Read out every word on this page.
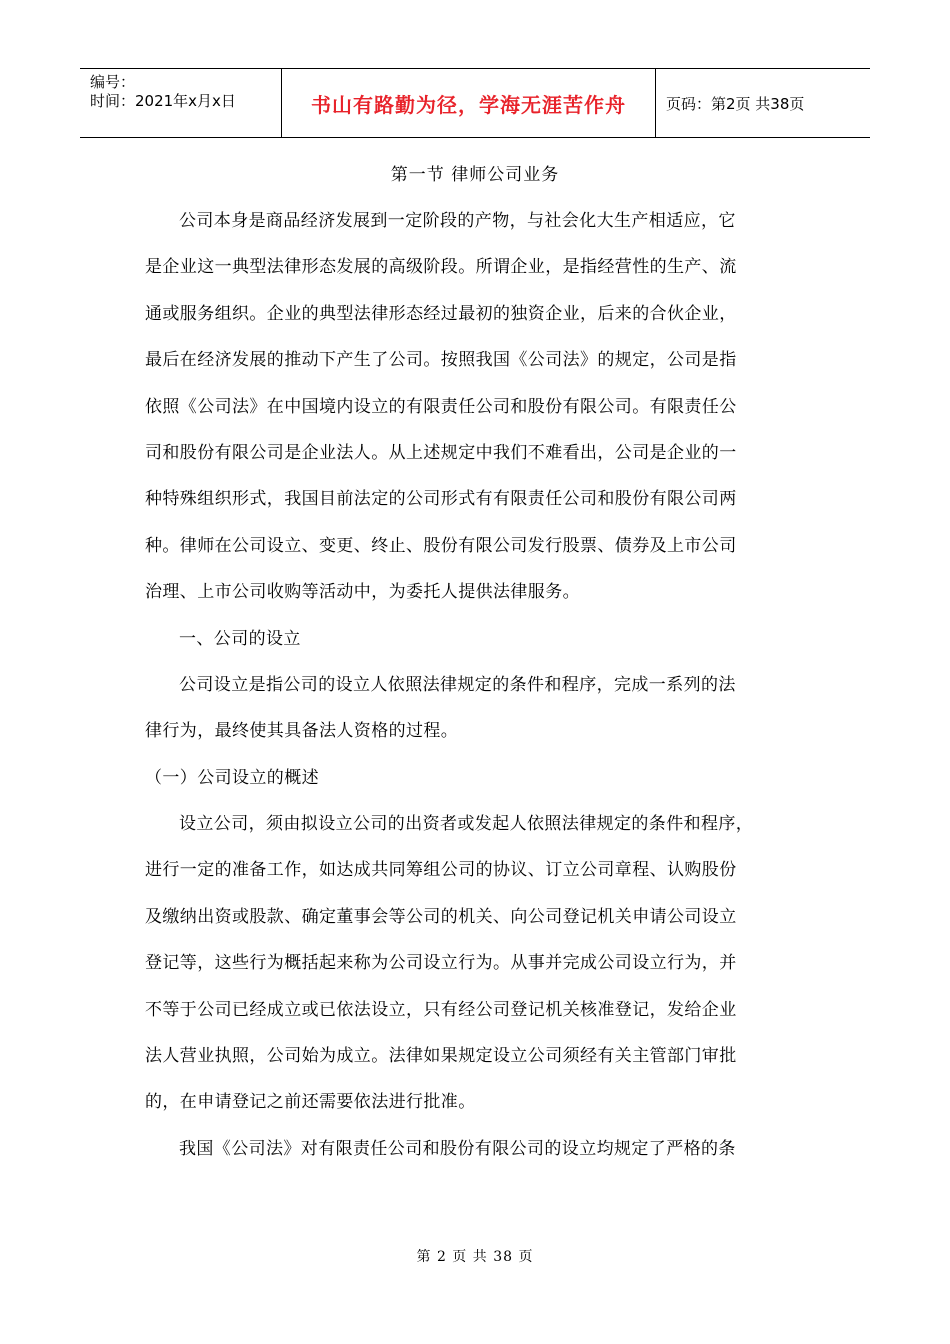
编号：
时间：2021年x月x日	书山有路勤为径，学海无涯苦作舟	页码：第2页 共38页
第一节 律师公司业务
公司本身是商品经济发展到一定阶段的产物，与社会化大生产相适应，它
是企业这一典型法律形态发展的高级阶段。所谓企业，是指经营性的生产、流
通或服务组织。企业的典型法律形态经过最初的独资企业，后来的合伙企业，
最后在经济发展的推动下产生了公司。按照我国《公司法》的规定，公司是指
依照《公司法》在中国境内设立的有限责任公司和股份有限公司。有限责任公
司和股份有限公司是企业法人。从上述规定中我们不难看出，公司是企业的一
种特殊组织形式，我国目前法定的公司形式有有限责任公司和股份有限公司两
种。律师在公司设立、变更、终止、股份有限公司发行股票、债券及上市公司
治理、上市公司收购等活动中，为委托人提供法律服务。
一、公司的设立
公司设立是指公司的设立人依照法律规定的条件和程序，完成一系列的法
律行为，最终使其具备法人资格的过程。
（一）公司设立的概述
设立公司，须由拟设立公司的出资者或发起人依照法律规定的条件和程序，
进行一定的准备工作，如达成共同筹组公司的协议、订立公司章程、认购股份
及缴纳出资或股款、确定董事会等公司的机关、向公司登记机关申请公司设立
登记等，这些行为概括起来称为公司设立行为。从事并完成公司设立行为，并
不等于公司已经成立或已依法设立，只有经公司登记机关核准登记，发给企业
法人营业执照，公司始为成立。法律如果规定设立公司须经有关主管部门审批
的，在申请登记之前还需要依法进行批准。
我国《公司法》对有限责任公司和股份有限公司的设立均规定了严格的条
第 2 页 共 38 页
